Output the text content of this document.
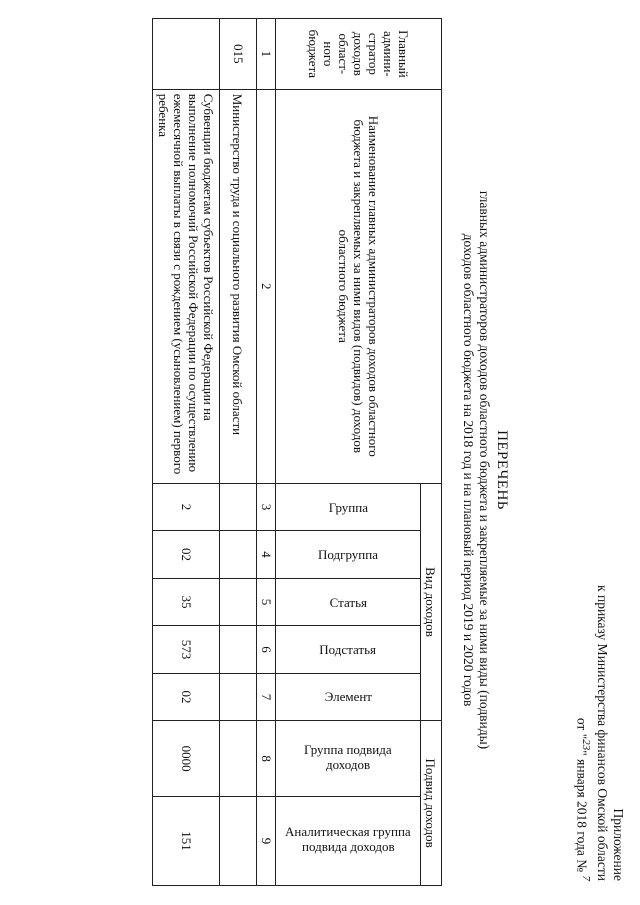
Приложение
к приказу Министерства финансов Омской области
от "$^{23}$" января 2018 года № $^7$
ПЕРЕЧЕНЬ
главных администраторов доходов областного бюджета и закрепляемые за ними виды (подвиды)
доходов областного бюджета на 2018 год и на плановый период 2019 и 2020 годов
Главный админи-стратор доходов област-ного бюджета	Наименование главных администраторов доходов областного бюджета и закрепляемых за ними видов (подвидов) доходов областного бюджета	Вид доходов					Подвид доходов	

		Группа	Подгруппа	Статья	Подстатья	Элемент	Группа подвида доходов	Аналитическая группа подвида доходов

1	2	3	4	5	6	7	8	9
015	Министерство труда и социального развития Омской области							
	Субвенции бюджетам субъектов Российской Федерации на выполнение полномочий Российской Федерации по осуществлению ежемесячной выплаты в связи с рождением (усыновлением) первого ребенка	2	02	35	573	02	0000	151
